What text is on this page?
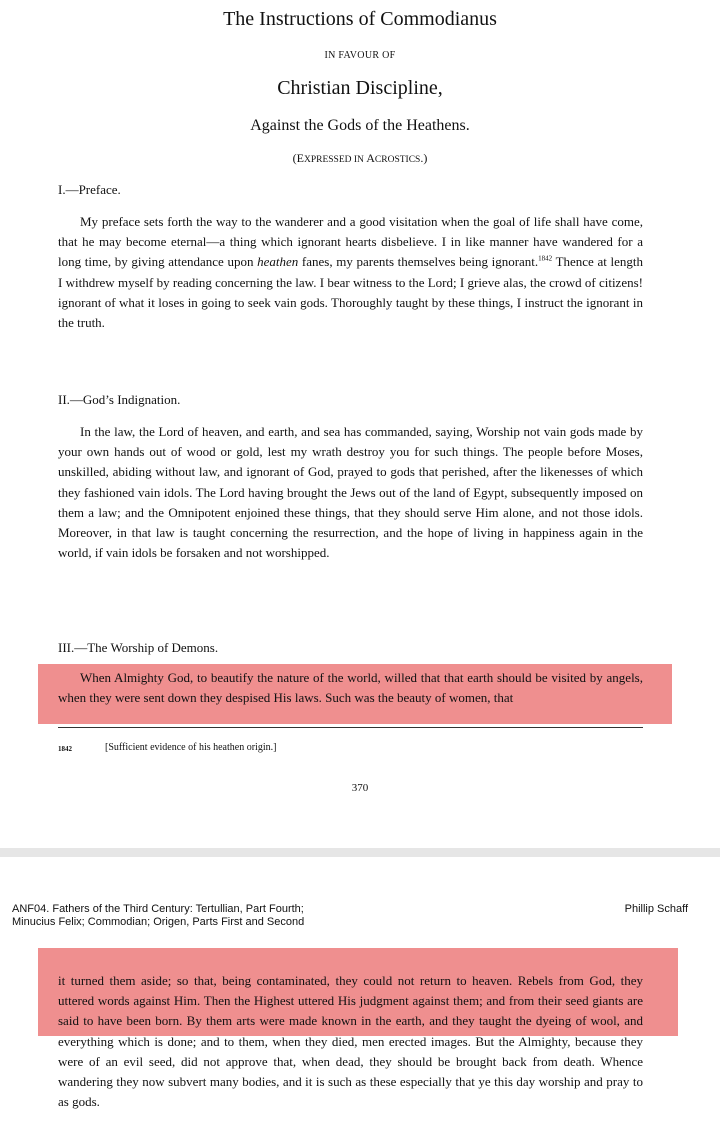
The Instructions of Commodianus
IN FAVOUR OF
Christian Discipline,
Against the Gods of the Heathens.
(EXPRESSED IN ACROSTICS.)
I.—Preface.

My preface sets forth the way to the wanderer and a good visitation when the goal of life shall have come, that he may become eternal—a thing which ignorant hearts disbelieve. I in like manner have wandered for a long time, by giving attendance upon heathen fanes, my parents themselves being ignorant.$^{1842}$ Thence at length I withdrew myself by reading concerning the law. I bear witness to the Lord; I grieve alas, the crowd of citizens! ignorant of what it loses in going to seek vain gods. Thoroughly taught by these things, I instruct the ignorant in the truth.

II.—God’s Indignation.

In the law, the Lord of heaven, and earth, and sea has commanded, saying, Worship not vain gods made by your own hands out of wood or gold, lest my wrath destroy you for such things. The people before Moses, unskilled, abiding without law, and ignorant of God, prayed to gods that perished, after the likenesses of which they fashioned vain idols. The Lord having brought the Jews out of the land of Egypt, subsequently imposed on them a law; and the Omnipotent enjoined these things, that they should serve Him alone, and not those idols. Moreover, in that law is taught concerning the resurrection, and the hope of living in happiness again in the world, if vain idols be forsaken and not worshipped.

III.—The Worship of Demons.

When Almighty God, to beautify the nature of the world, willed that that earth should be visited by angels, when they were sent down they despised His laws. Such was the beauty of women, that

1842	[Sufficient evidence of his heathen origin.]
370
ANF04. Fathers of the Third Century: Tertullian, Part Fourth;
Minucius Felix; Commodian; Origen, Parts First and Second
Phillip Schaff

it turned them aside; so that, being contaminated, they could not return to heaven. Rebels from God, they uttered words against Him. Then the Highest uttered His judgment against them; and from their seed giants are said to have been born. By them arts were made known in the earth, and they taught the dyeing of wool, and everything which is done; and to them, when they died, men erected images. But the Almighty, because they were of an evil seed, did not approve that, when dead, they should be brought back from death. Whence wandering they now subvert many bodies, and it is such as these especially that ye this day worship and pray to as gods.
